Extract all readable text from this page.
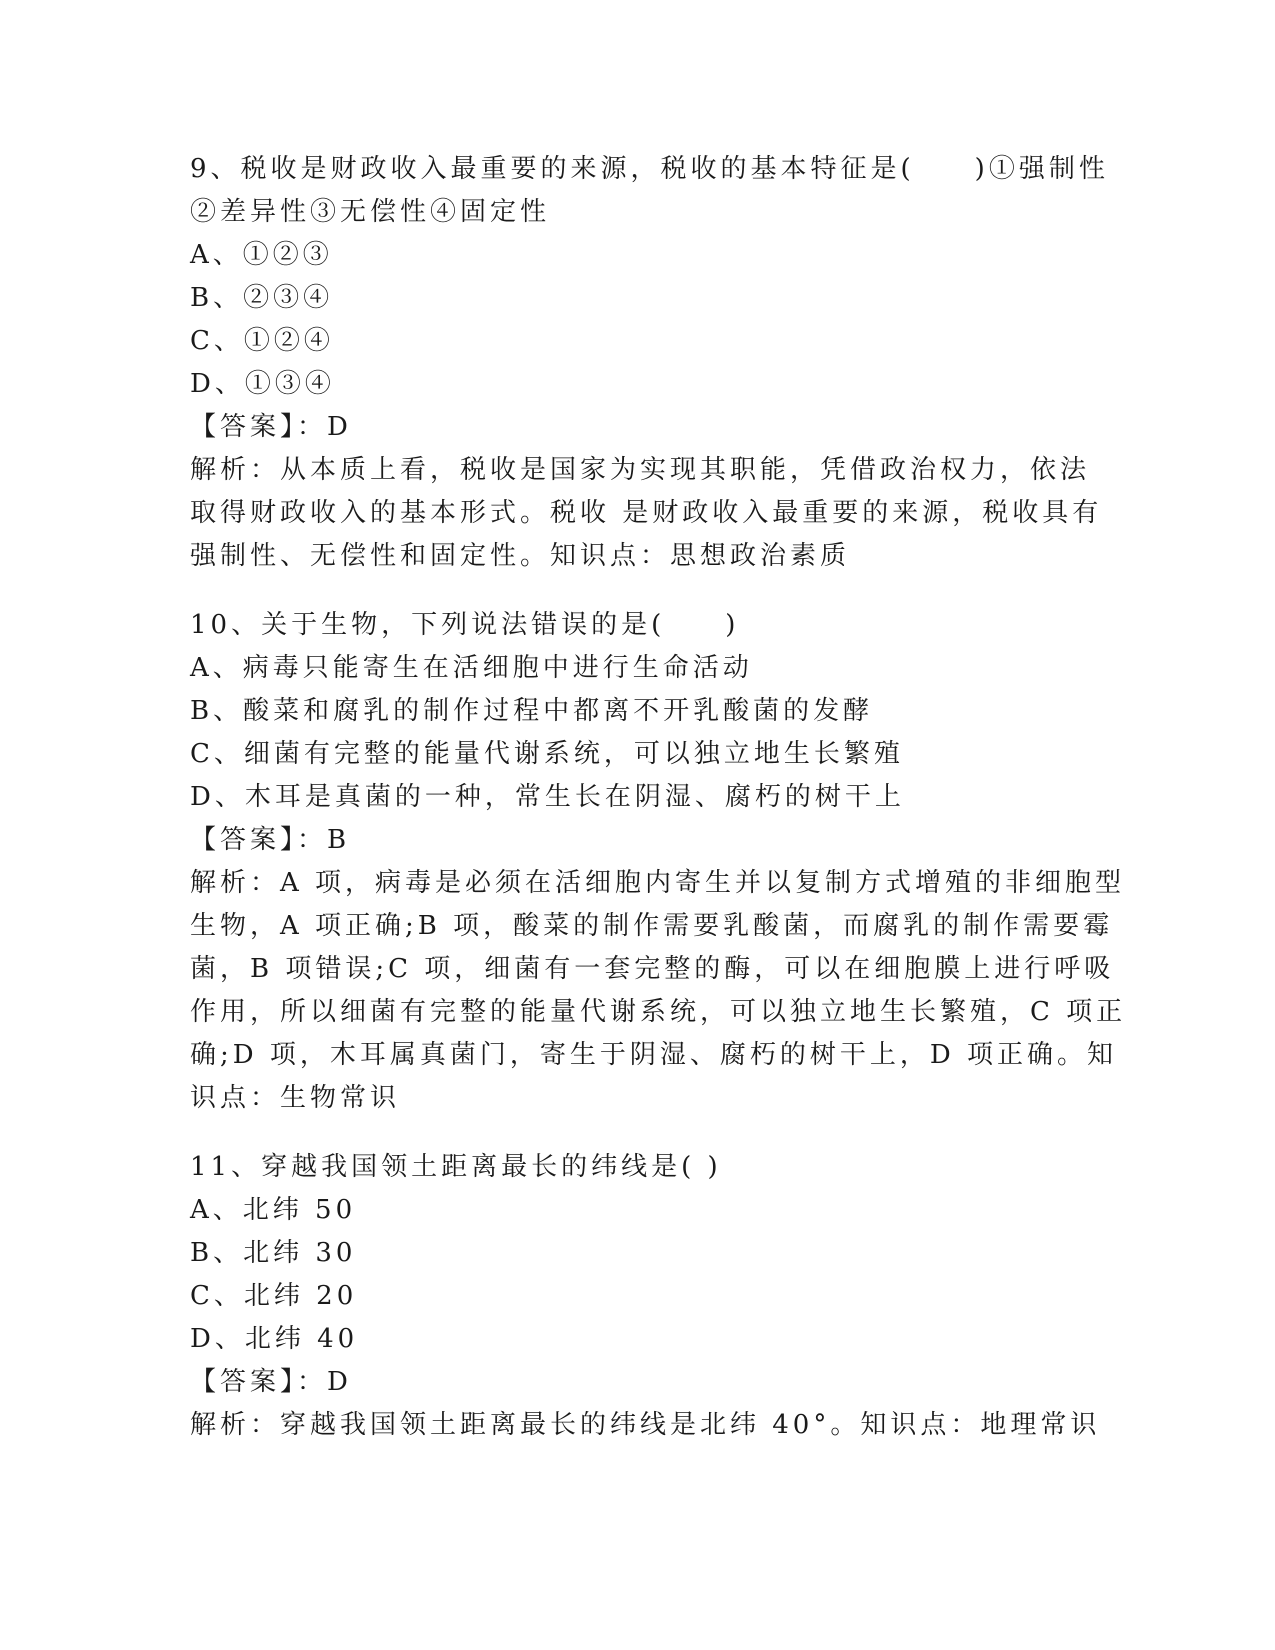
9、税收是财政收入最重要的来源，税收的基本特征是(　　)①强制性
②差异性③无偿性④固定性
A、①②③
B、②③④
C、①②④
D、①③④
【答案】：D
解析：从本质上看，税收是国家为实现其职能，凭借政治权力，依法
取得财政收入的基本形式。税收 是财政收入最重要的来源，税收具有
强制性、无偿性和固定性。知识点：思想政治素质
10、关于生物，下列说法错误的是(　　)
A、病毒只能寄生在活细胞中进行生命活动
B、酸菜和腐乳的制作过程中都离不开乳酸菌的发酵
C、细菌有完整的能量代谢系统，可以独立地生长繁殖
D、木耳是真菌的一种，常生长在阴湿、腐朽的树干上
【答案】：B
解析：A 项，病毒是必须在活细胞内寄生并以复制方式增殖的非细胞型
生物，A 项正确;B 项，酸菜的制作需要乳酸菌，而腐乳的制作需要霉
菌，B 项错误;C 项，细菌有一套完整的酶，可以在细胞膜上进行呼吸
作用，所以细菌有完整的能量代谢系统，可以独立地生长繁殖，C 项正
确;D 项，木耳属真菌门，寄生于阴湿、腐朽的树干上，D 项正确。知
识点：生物常识
11、穿越我国领土距离最长的纬线是( )
A、北纬 50
B、北纬 30
C、北纬 20
D、北纬 40
【答案】：D
解析：穿越我国领土距离最长的纬线是北纬 40°。知识点：地理常识
